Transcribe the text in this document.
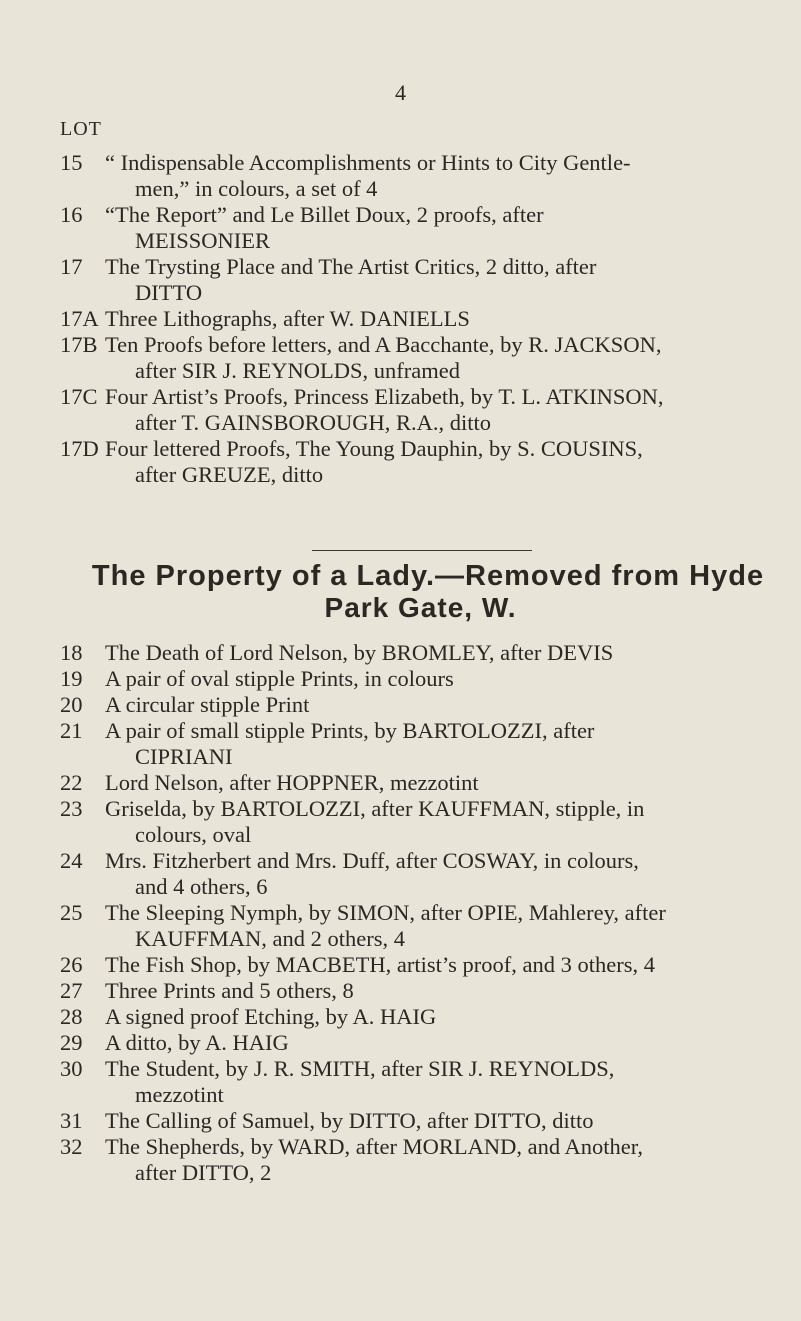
4
LOT
15	“ Indispensable Accomplishments or Hints to City Gentle-
men,” in colours, a set of 4
16	“The Report” and Le Billet Doux, 2 proofs, after
MEISSONIER
17	The Trysting Place and The Artist Critics, 2 ditto, after
DITTO
17A Three Lithographs, after W. DANIELLS
17B Ten Proofs before letters, and A Bacchante, by R. JACKSON,
after SIR J. REYNOLDS, unframed
17C Four Artist’s Proofs, Princess Elizabeth, by T. L. ATKINSON,
after T. GAINSBOROUGH, R.A., ditto
17D Four lettered Proofs, The Young Dauphin, by S. COUSINS,
after GREUZE, ditto
The Property of a Lady.—Removed from Hyde
Park Gate, W.
18	The Death of Lord Nelson, by BROMLEY, after DEVIS
19	A pair of oval stipple Prints, in colours
20	A circular stipple Print
21	A pair of small stipple Prints, by BARTOLOZZI, after
CIPRIANI
22	Lord Nelson, after HOPPNER, mezzotint
23	Griselda, by BARTOLOZZI, after KAUFFMAN, stipple, in
colours, oval
24	Mrs. Fitzherbert and Mrs. Duff, after COSWAY, in colours,
and 4 others, 6
25	The Sleeping Nymph, by SIMON, after OPIE, Mahlerey, after
KAUFFMAN, and 2 others, 4
26	The Fish Shop, by MACBETH, artist’s proof, and 3 others, 4
27	Three Prints and 5 others, 8
28	A signed proof Etching, by A. HAIG
29	A ditto, by A. HAIG
30	The Student, by J. R. SMITH, after SIR J. REYNOLDS,
mezzotint
31	The Calling of Samuel, by DITTO, after DITTO, ditto
32	The Shepherds, by WARD, after MORLAND, and Another,
after DITTO, 2
